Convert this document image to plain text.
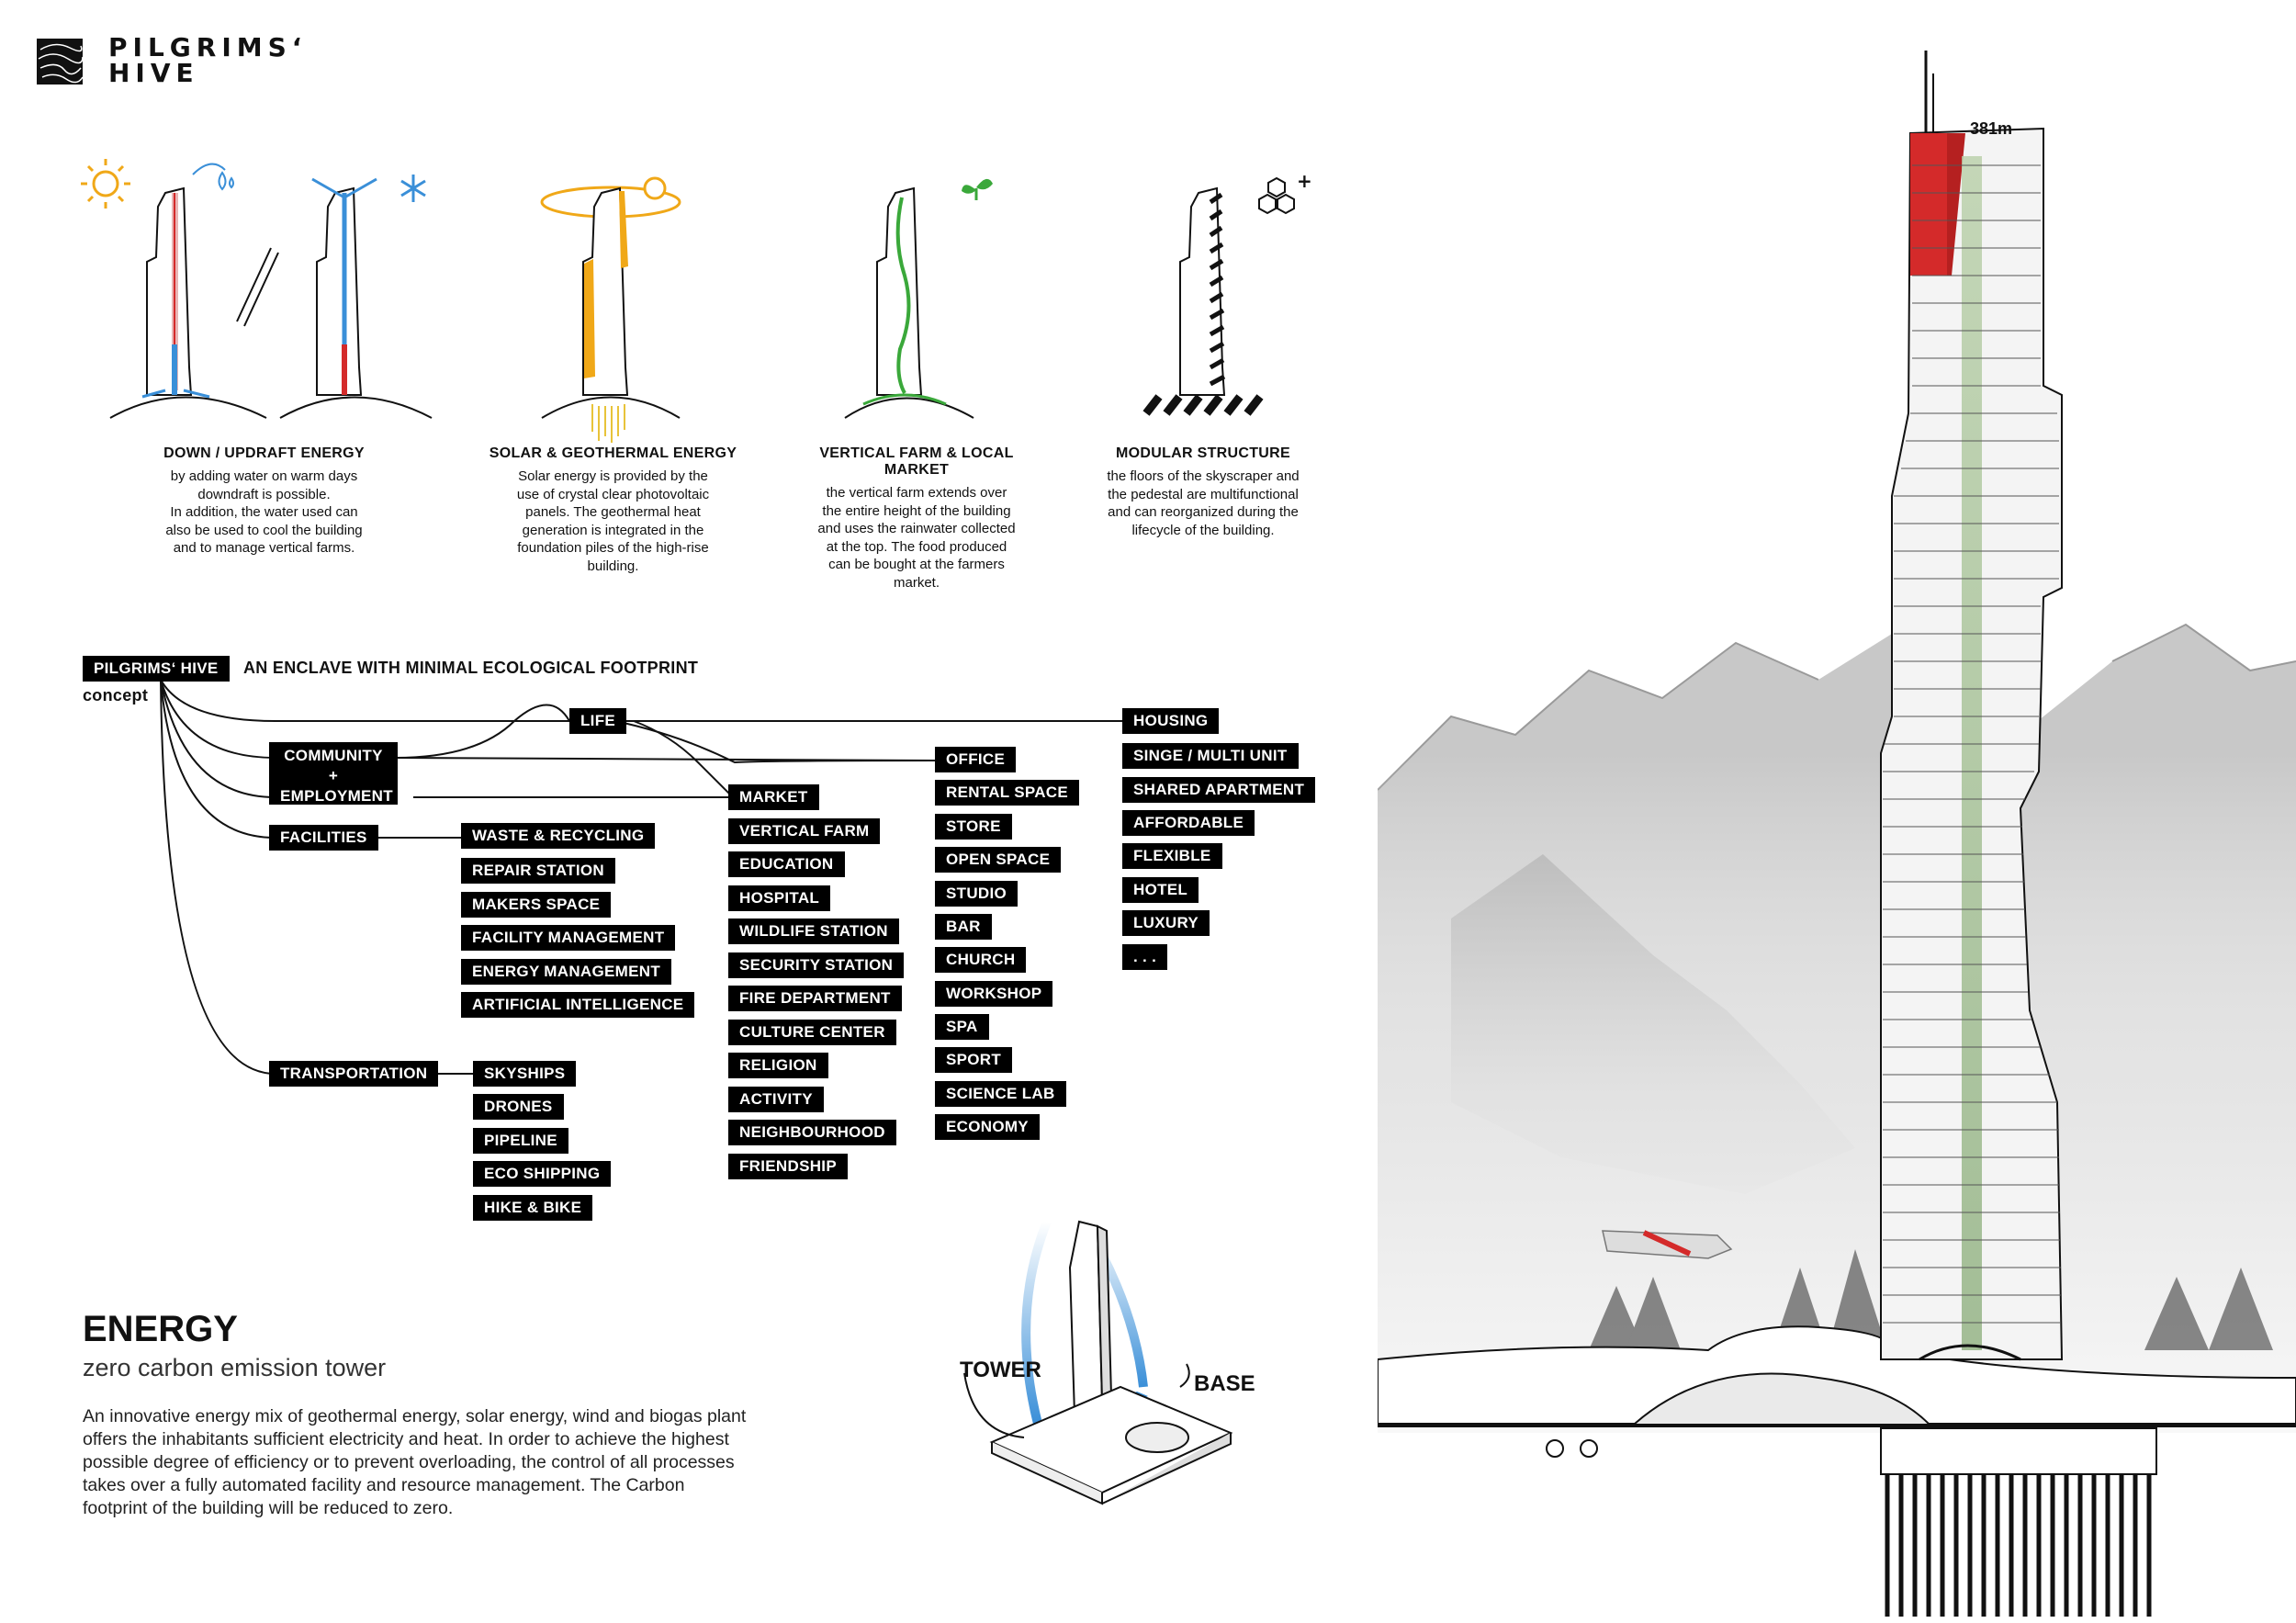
PILGRIMS‘
HIVE
+
DOWN / UPDRAFT ENERGY
by adding water on warm days
downdraft is possible.
In addition, the water used can
also be used to cool the building
and to manage vertical farms.
SOLAR & GEOTHERMAL ENERGY
Solar energy is provided by the
use of crystal clear photovoltaic
panels. The geothermal heat
generation is integrated in the
foundation piles of the high-rise
building.
VERTICAL FARM & LOCAL MARKET
the vertical farm extends over
the entire height of the building
and uses the rainwater collected
at the top. The food produced
can be bought at the farmers
market.
MODULAR STRUCTURE
the floors of the skyscraper and
the pedestal are multifunctional
and can reorganized during the
lifecycle of the building.
PILGRIMS‘ HIVE	AN ENCLAVE WITH MINIMAL ECOLOGICAL FOOTPRINT
concept
LIFE
COMMUNITY
+
EMPLOYMENT
FACILITIES
TRANSPORTATION
WASTE & RECYCLING
REPAIR STATION
MAKERS SPACE
FACILITY MANAGEMENT
ENERGY MANAGEMENT
ARTIFICIAL INTELLIGENCE
SKYSHIPS
DRONES
PIPELINE
ECO SHIPPING
HIKE & BIKE
MARKET
VERTICAL FARM
EDUCATION
HOSPITAL
WILDLIFE STATION
SECURITY STATION
FIRE DEPARTMENT
CULTURE CENTER
RELIGION
ACTIVITY
NEIGHBOURHOOD
FRIENDSHIP
OFFICE
RENTAL SPACE
STORE
OPEN SPACE
STUDIO
BAR
CHURCH
WORKSHOP
SPA
SPORT
SCIENCE LAB
ECONOMY
HOUSING
SINGE / MULTI UNIT
SHARED APARTMENT
AFFORDABLE
FLEXIBLE
HOTEL
LUXURY
. . .
ENERGY
zero carbon emission tower
An innovative energy mix of geothermal energy, solar energy, wind and biogas plant offers the inhabitants sufficient electricity and heat. In order to achieve the highest possible degree of efficiency or to prevent overloading, the control of all processes takes over a fully automated facility and resource management. The Carbon footprint of the building will be reduced to zero.
TOWER
BASE
381m
